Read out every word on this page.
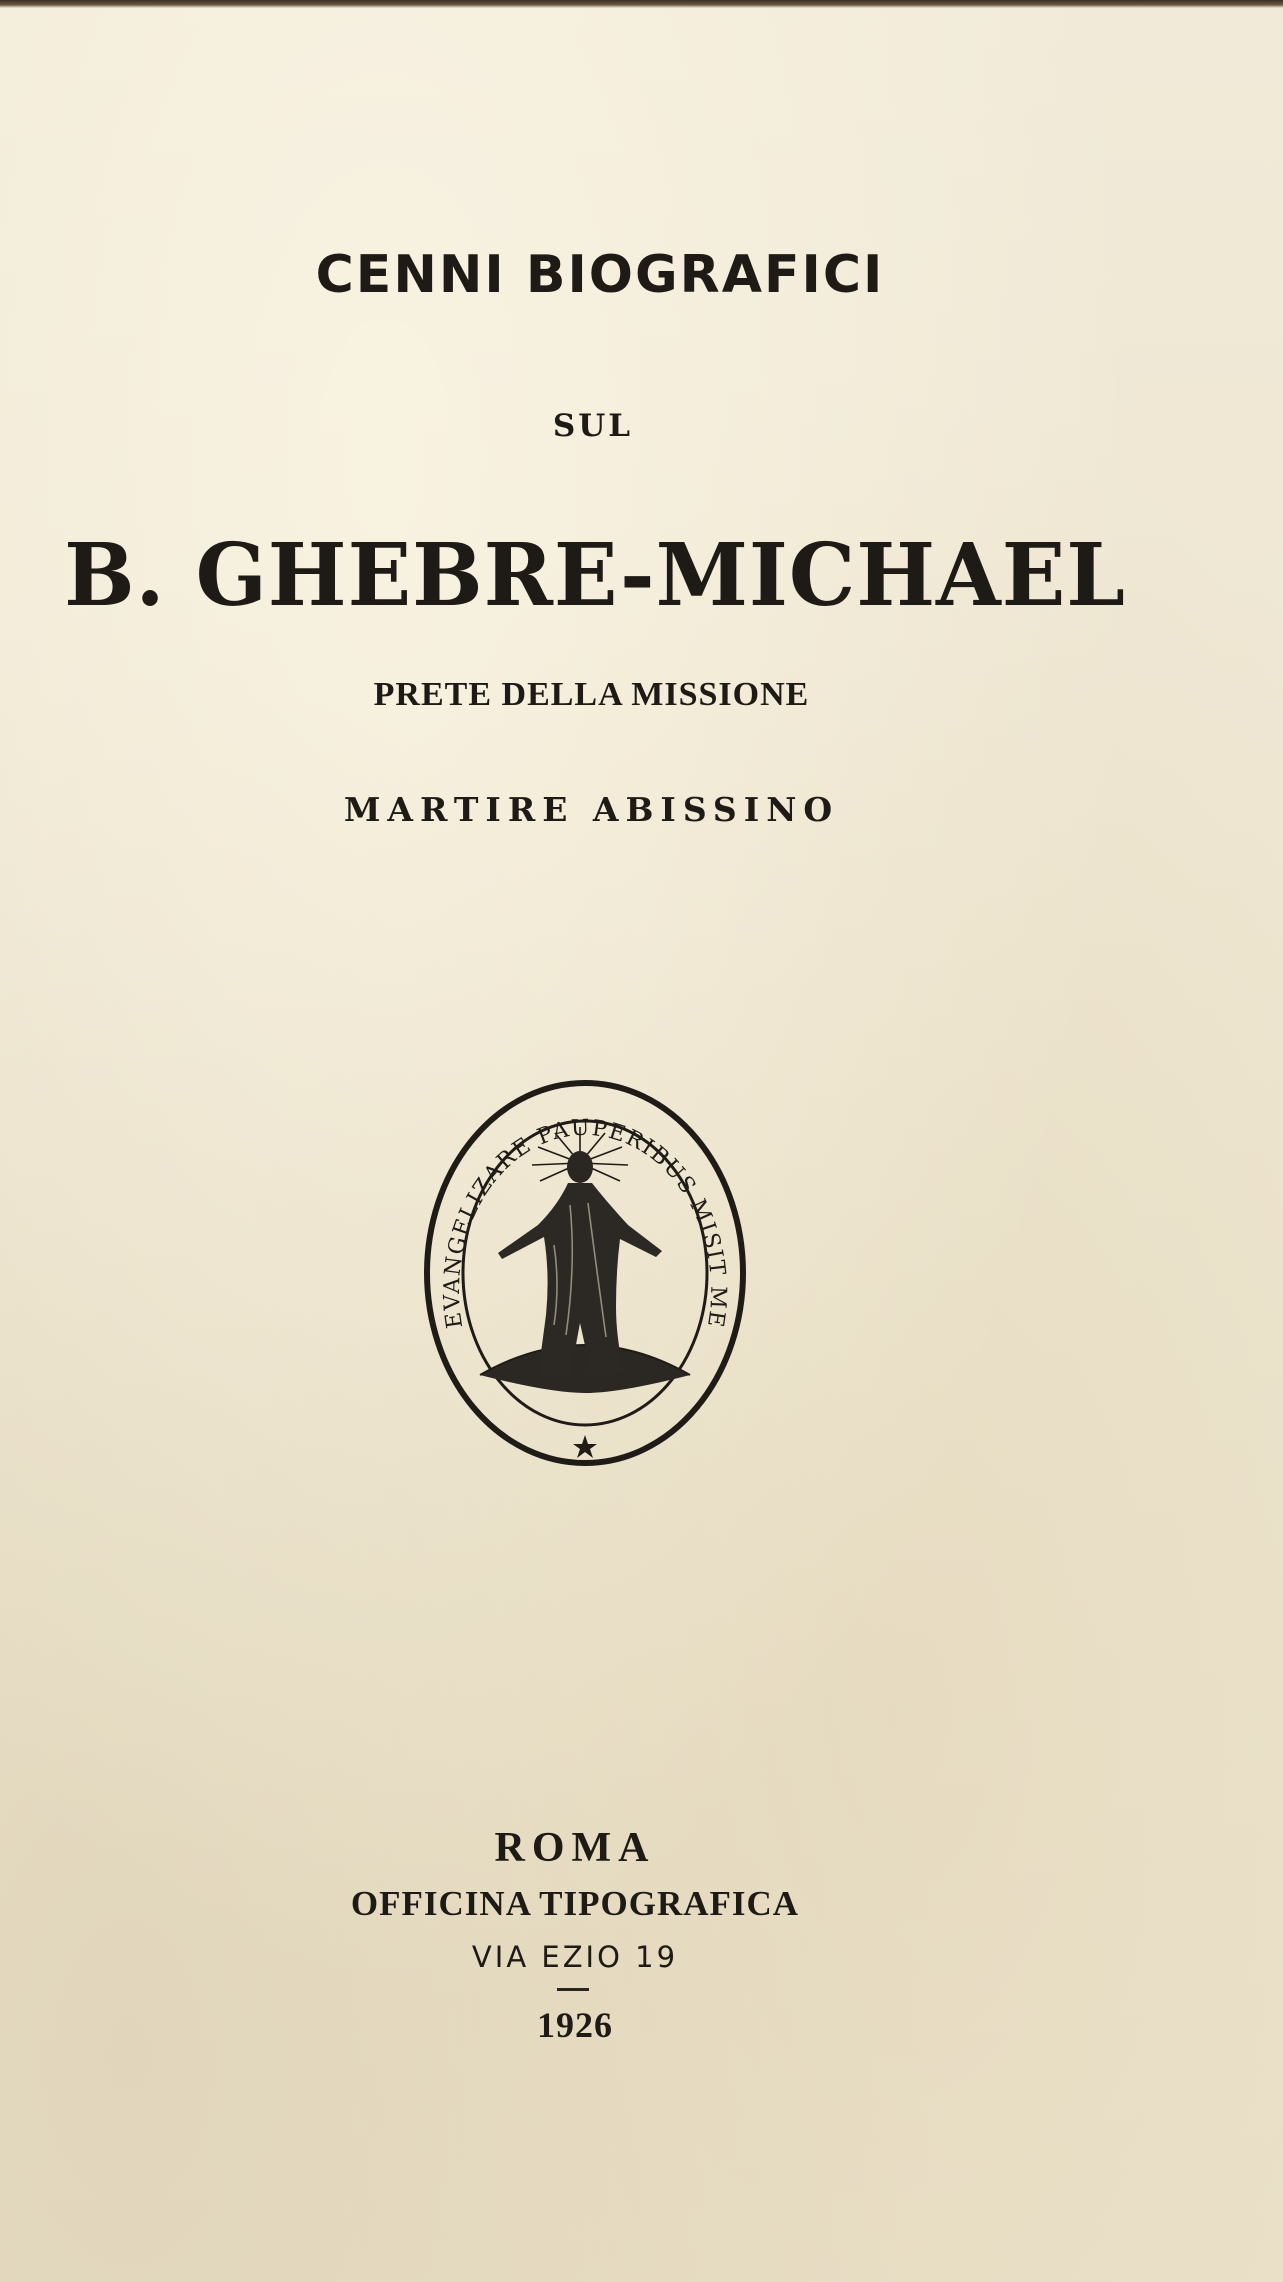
CENNI BIOGRAFICI
SUL
B. GHEBRE-MICHAEL
PRETE DELLA MISSIONE
MARTIRE ABISSINO
EVANGELIZARE PAUPERIBUS MISIT ME
ROMA
OFFICINA TIPOGRAFICA
VIA EZIO 19
1926
